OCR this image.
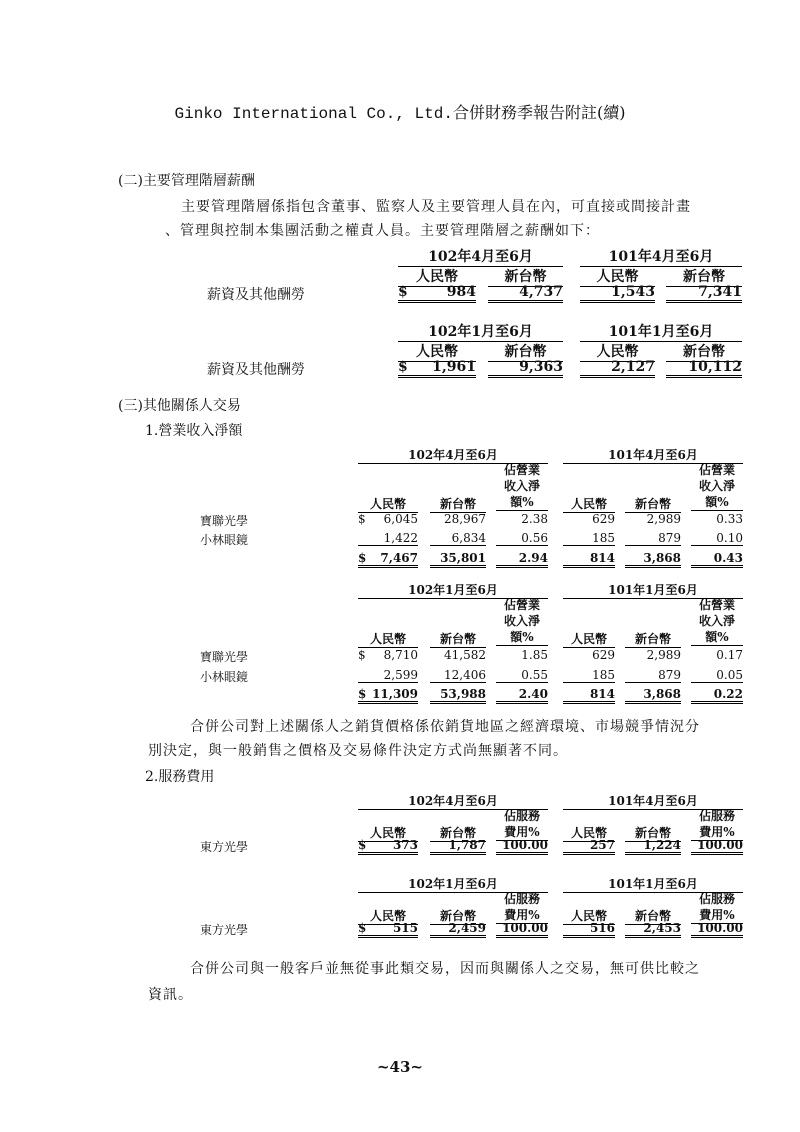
Ginko International Co., Ltd.合併財務季報告附註(續)
(二)主要管理階層薪酬
主要管理階層係指包含董事、監察人及主要管理人員在內，可直接或間接計畫
、管理與控制本集團活動之權責人員。主要管理階層之薪酬如下：
102年4月至6月	101年4月至6月
人民幣	新台幣	人民幣	新台幣
薪資及其他酬勞	$	984	4,737	1,543	7,341
102年1月至6月	101年1月至6月
人民幣	新台幣	人民幣	新台幣
薪資及其他酬勞	$	1,961	9,363	2,127	10,112
(三)其他關係人交易
1.營業收入淨額
102年4月至6月	101年4月至6月
佔營業
收入淨
額%
佔營業
收入淨
額%
人民幣	新台幣	人民幣	新台幣
寶聯光學	$	6,045	28,967	2.38	629	2,989	0.33
小林眼鏡	1,422	6,834	0.56	185	879	0.10
$	7,467	35,801	2.94	814	3,868	0.43
102年1月至6月	101年1月至6月
佔營業
收入淨
額%
佔營業
收入淨
額%
人民幣	新台幣	人民幣	新台幣
寶聯光學	$	8,710	41,582	1.85	629	2,989	0.17
小林眼鏡	2,599	12,406	0.55	185	879	0.05
$ 11,309	53,988	2.40	814	3,868	0.22
合併公司對上述關係人之銷貨價格係依銷貨地區之經濟環境、市場競爭情況分
別決定，與一般銷售之價格及交易條件決定方式尚無顯著不同。
2.服務費用
102年4月至6月	101年4月至6月
佔服務
費用%
佔服務
費用%
人民幣	新台幣	人民幣	新台幣
東方光學	$	373	1,787	100.00	257	1,224	100.00
102年1月至6月	101年1月至6月
佔服務
費用%
佔服務
費用%
人民幣	新台幣	人民幣	新台幣
東方光學	$	515	2,459	100.00	516	2,453	100.00
合併公司與一般客戶並無從事此類交易，因而與關係人之交易，無可供比較之
資訊。
~43~
